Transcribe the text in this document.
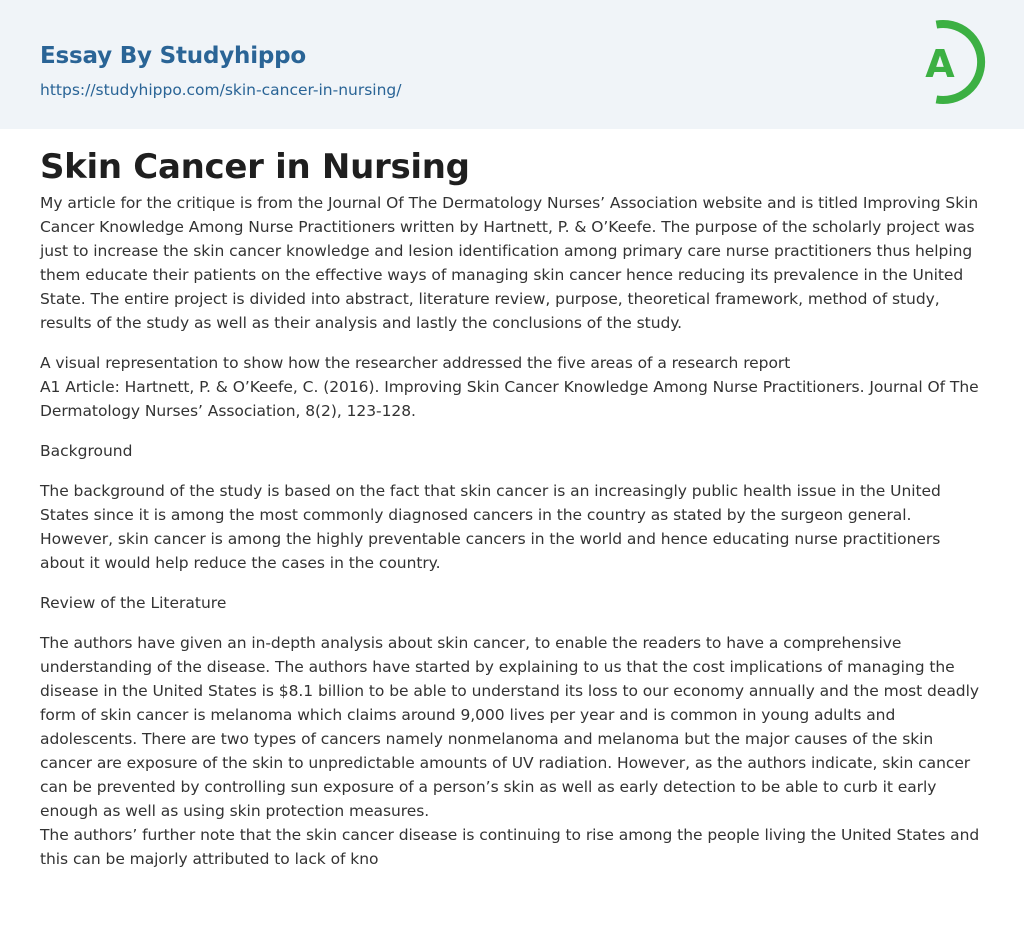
Essay By Studyhippo
https://studyhippo.com/skin-cancer-in-nursing/
A
Skin Cancer in Nursing

My article for the critique is from the Journal Of The Dermatology Nurses’ Association website and is titled Improving Skin Cancer Knowledge Among Nurse Practitioners written by Hartnett, P. & O’Keefe. The purpose of the scholarly project was just to increase the skin cancer knowledge and lesion identification among primary care nurse practitioners thus helping them educate their patients on the effective ways of managing skin cancer hence reducing its prevalence in the United State. The entire project is divided into abstract, literature review, purpose, theoretical framework, method of study, results of the study as well as their analysis and lastly the conclusions of the study.

A visual representation to show how the researcher addressed the five areas of a research report

A1 Article: Hartnett, P. & O’Keefe, C. (2016). Improving Skin Cancer Knowledge Among Nurse Practitioners. Journal Of The Dermatology Nurses’ Association, 8(2), 123-128.

Background

The background of the study is based on the fact that skin cancer is an increasingly public health issue in the United States since it is among the most commonly diagnosed cancers in the country as stated by the surgeon general. However, skin cancer is among the highly preventable cancers in the world and hence educating nurse practitioners about it would help reduce the cases in the country.

Review of the Literature

The authors have given an in-depth analysis about skin cancer, to enable the readers to have a comprehensive understanding of the disease. The authors have started by explaining to us that the cost implications of managing the disease in the United States is $8.1 billion to be able to understand its loss to our economy annually and the most deadly form of skin cancer is melanoma which claims around 9,000 lives per year and is common in young adults and adolescents. There are two types of cancers namely nonmelanoma and melanoma but the major causes of the skin cancer are exposure of the skin to unpredictable amounts of UV radiation. However, as the authors indicate, skin cancer can be prevented by controlling sun exposure of a person’s skin as well as early detection to be able to curb it early enough as well as using skin protection measures.

The authors’ further note that the skin cancer disease is continuing to rise among the people living the United States and this can be majorly attributed to lack of kno
